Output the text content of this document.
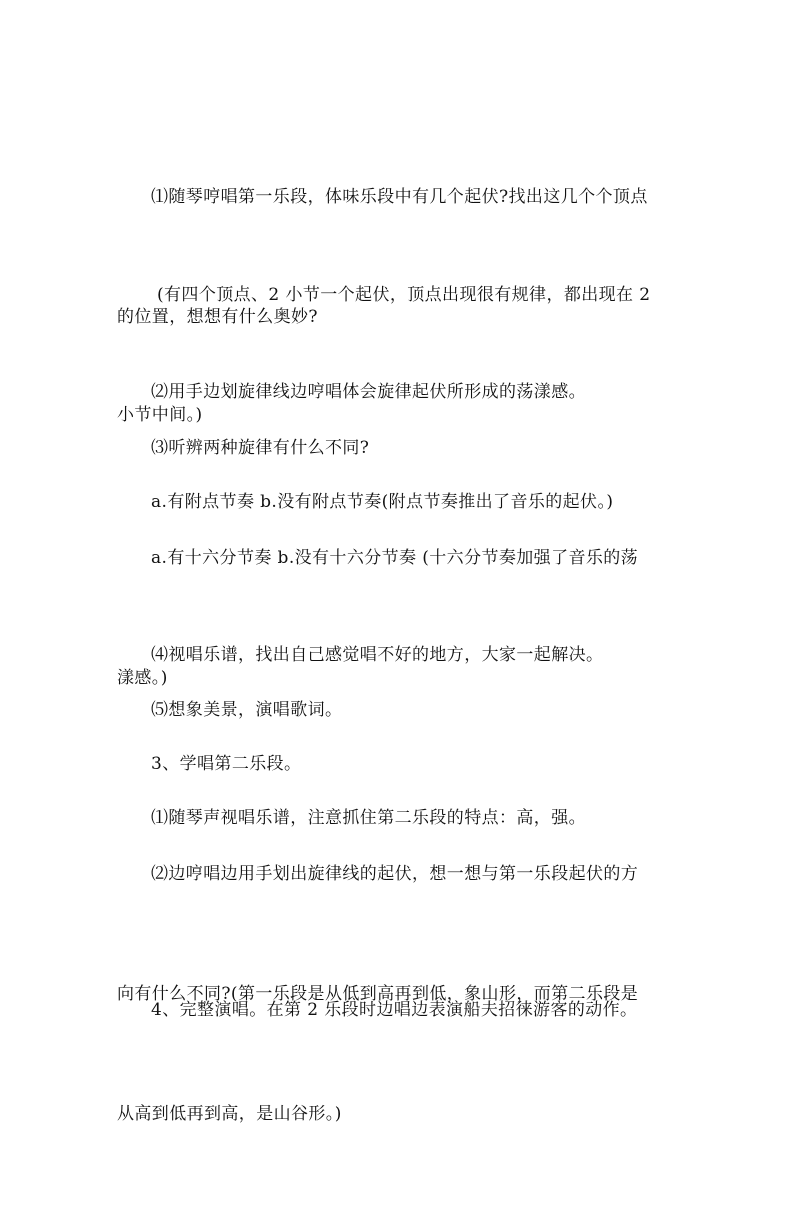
⑴随琴哼唱第一乐段，体味乐段中有几个起伏?找出这几个个顶点

的位置，想想有什么奥妙?

(有四个顶点、2 小节一个起伏，顶点出现很有规律，都出现在 2

小节中间。)

⑵用手边划旋律线边哼唱体会旋律起伏所形成的荡漾感。

⑶听辨两种旋律有什么不同?

a.有附点节奏 b.没有附点节奏(附点节奏推出了音乐的起伏。)

a.有十六分节奏 b.没有十六分节奏 (十六分节奏加强了音乐的荡

漾感。)

⑷视唱乐谱，找出自己感觉唱不好的地方，大家一起解决。

⑸想象美景，演唱歌词。

3、学唱第二乐段。

⑴随琴声视唱乐谱，注意抓住第二乐段的特点：高，强。

⑵边哼唱边用手划出旋律线的起伏，想一想与第一乐段起伏的方

向有什么不同?(第一乐段是从低到高再到低，象山形，而第二乐段是

从高到低再到高，是山谷形。)

4、完整演唱。在第 2 乐段时边唱边表演船夫招徕游客的动作。
